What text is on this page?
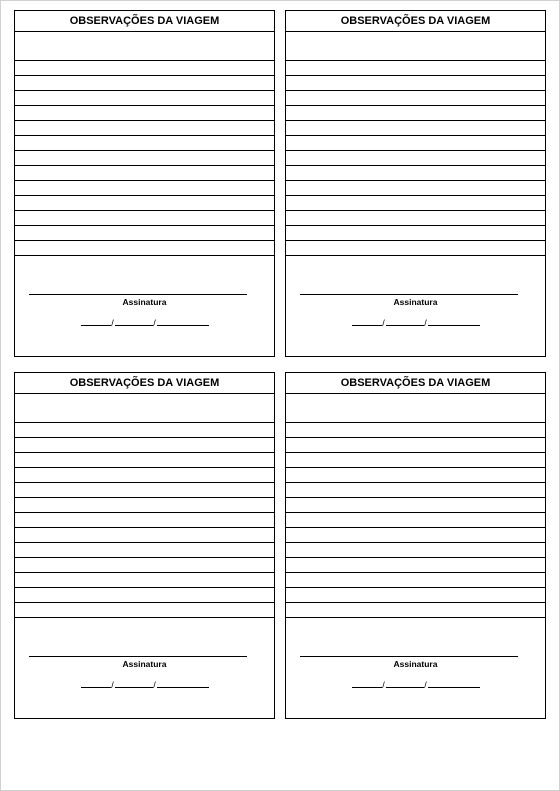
OBSERVAÇÕES DA VIAGEM
Assinatura
/	/
OBSERVAÇÕES DA VIAGEM
Assinatura
/	/
OBSERVAÇÕES DA VIAGEM
Assinatura
/	/
OBSERVAÇÕES DA VIAGEM
Assinatura
/	/
